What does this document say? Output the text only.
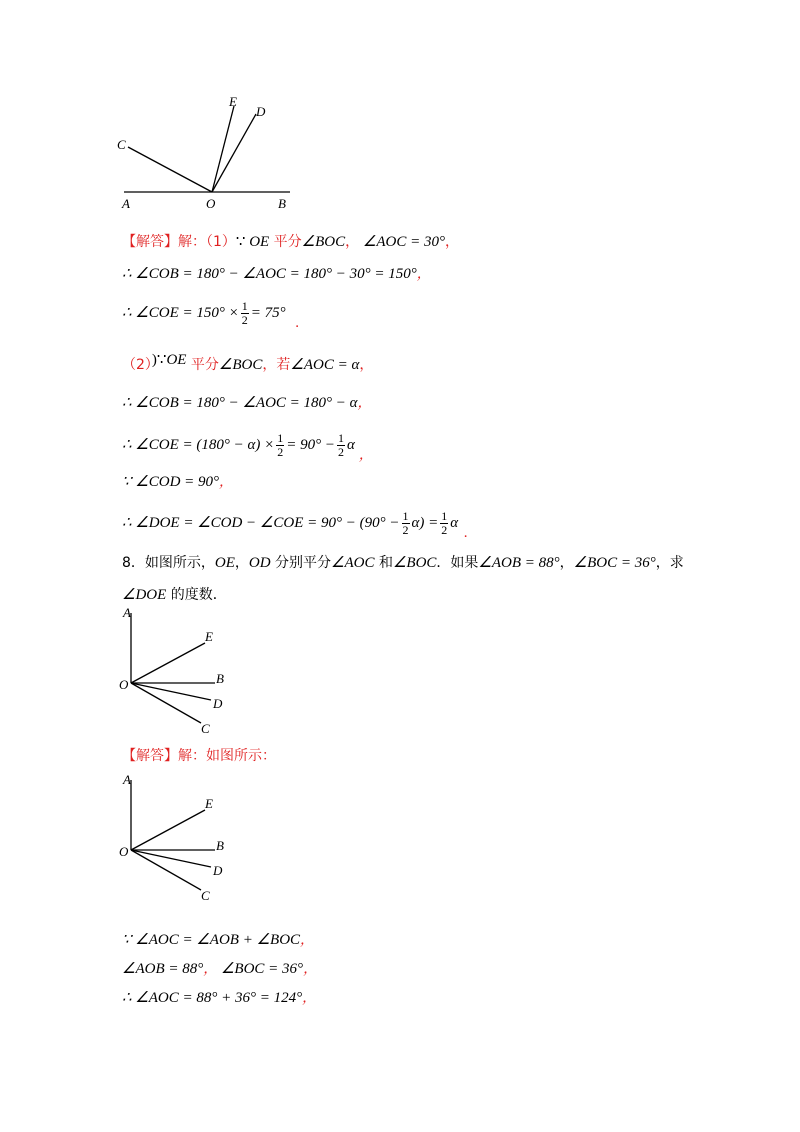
E
D
C
A	O	B
【解答】解：（1）∵ OE 平分∠BOC， ∠AOC = 30°，
∴ ∠COB = 180° − ∠AOC = 180° − 30° = 150°，
∴ ∠COE = $150^\circ \times \frac{1}{2} = 75^\circ$.
（2）)∵OE 平分∠BOC，若∠AOC = α，
∴ ∠COB = 180° − ∠AOC = 180° − α，
∴ ∠COE = $(180^\circ - \alpha) \times \frac{1}{2} = 90^\circ - \frac{1}{2}$ α，
∵ ∠COD = 90°，
∴ ∠DOE = ∠COD − ∠COE = $90^\circ - (90^\circ - \frac{1}{2} \alpha) = \frac{1}{2} \alpha$.
8．如图所示，OE，OD 分别平分∠AOC 和∠BOC．如果∠AOB = 88°，∠BOC = 36°，求
∠DOE 的度数．
A
E
O	B
D
C
【解答】解：如图所示：
A
E
O	B
D
C
∵ ∠AOC = ∠AOB + ∠BOC，
∠AOB = 88°， ∠BOC = 36°，
∴ ∠AOC = 88° + 36° = 124°，
